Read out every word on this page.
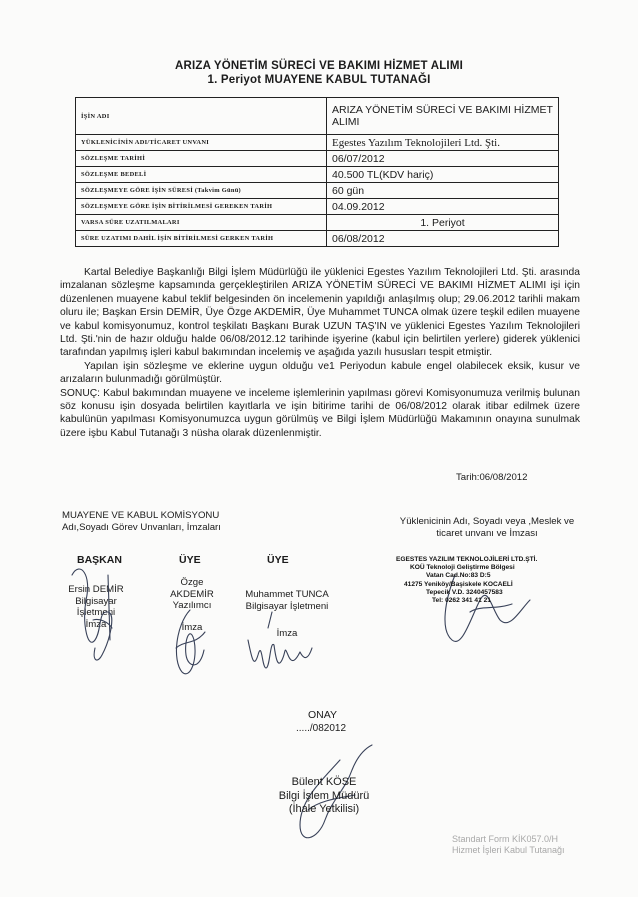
ARIZA YÖNETİM SÜRECİ VE BAKIMI HİZMET ALIMI
1. Periyot MUAYENE KABUL TUTANAĞI
İŞİN ADI	ARIZA YÖNETİM SÜRECİ VE BAKIMI HİZMET ALIMI
YÜKLENİCİNİN ADI/TİCARET UNVANI	Egestes Yazılım Teknolojileri Ltd. Şti.
SÖZLEŞME TARİHİ	06/07/2012
SÖZLEŞME BEDELİ	40.500 TL(KDV hariç)
SÖZLEŞMEYE GÖRE İŞİN SÜRESİ (Takvim Günü)	60 gün
SÖZLEŞMEYE GÖRE İŞİN BİTİRİLMESİ GEREKEN TARİH	04.09.2012
VARSA SÜRE UZATILMALARI	1. Periyot
SÜRE UZATIMI DAHİL İŞİN BİTİRİLMESİ GERKEN TARİH	06/08/2012

Kartal Belediye Başkanlığı Bilgi İşlem Müdürlüğü ile yüklenici Egestes Yazılım Teknolojileri Ltd. Şti. arasında imzalanan sözleşme kapsamında gerçekleştirilen ARIZA YÖNETİM SÜRECİ VE BAKIMI HİZMET ALIMI işi için düzenlenen muayene kabul teklif belgesinden ön incelemenin yapıldığı anlaşılmış olup; 29.06.2012 tarihli makam oluru ile; Başkan Ersin DEMİR, Üye Özge AKDEMİR, Üye Muhammet TUNCA olmak üzere teşkil edilen muayene ve kabul komisyonumuz, kontrol teşkilatı Başkanı Burak UZUN TAŞ'IN ve yüklenici Egestes Yazılım Teknolojileri Ltd. Şti.'nin de hazır olduğu halde 06/08/2012.12 tarihinde işyerine (kabul için belirtilen yerlere) giderek yüklenici tarafından yapılmış işleri kabul bakımından incelemiş ve aşağıda yazılı hususları tespit etmiştir.

Yapılan işin sözleşme ve eklerine uygun olduğu ve1 Periyodun kabule engel olabilecek eksik, kusur ve arızaların bulunmadığı görülmüştür.

SONUÇ: Kabul bakımından muayene ve inceleme işlemlerinin yapılması görevi Komisyonumuza verilmiş bulunan söz konusu işin dosyada belirtilen kayıtlarla ve işin bitirime tarihi de 06/08/2012 olarak itibar edilmek üzere kabulünün yapılması Komisyonumuzca uygun görülmüş ve Bilgi İşlem Müdürlüğü Makamının onayına sunulmak üzere işbu Kabul Tutanağı 3 nüsha olarak düzenlenmiştir.

Tarih:06/08/2012
MUAYENE VE KABUL KOMİSYONU
Adı,Soyadı Görev Unvanları, İmzaları
Yüklenicinin Adı, Soyadı veya ,Meslek ve
ticaret unvanı ve İmzası
BAŞKAN	ÜYE	ÜYE
Ersin DEMİR
Bilgisayar
İşletmeni
İmza
Özge
AKDEMİR
Yazılımcı
İmza
Muhammet TUNCA
Bilgisayar İşletmeni
İmza
EGESTES YAZILIM TEKNOLOJİLERİ LTD.ŞTİ.
KOÜ Teknoloji Geliştirme Bölgesi
Vatan Cad.No:83 D:5
41275 Yeniköy/Başiskele KOCAELİ
Tepecik V.D. 3240457583
Tel: 0262 341 41 21
ONAY
...../082012
Bülent KÖSE
Bilgi İşlem Müdürü
(İhale Yetkilisi)
Standart Form KİK057.0/H
Hizmet İşleri Kabul Tutanağı
